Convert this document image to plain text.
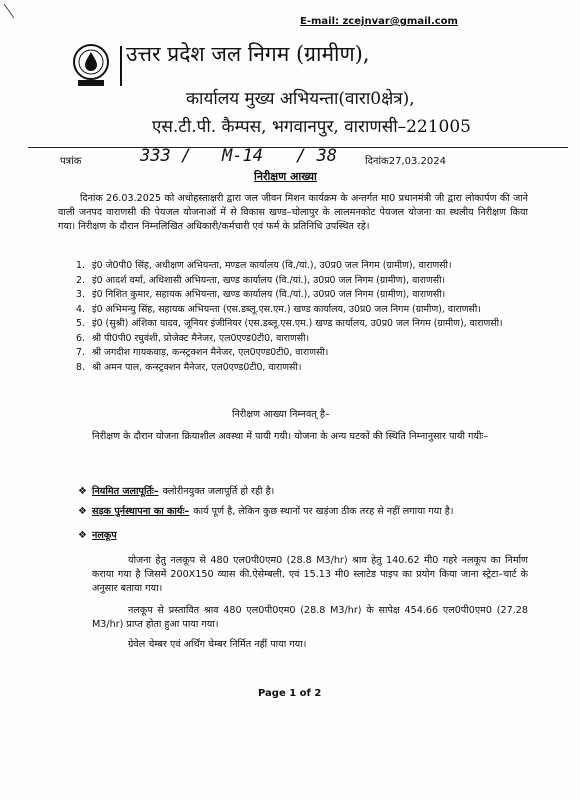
E-mail: zcejnvar@gmail.com
उत्तर प्रदेश जल निगम (ग्रामीण),
कार्यालय मुख्य अभियन्ता(वारा0क्षेत्र),
एस.टी.पी. कैम्पस, भगवानपुर, वाराणसी–221005
पत्रांक	333 / M-14 / 38	दिनांक27,03.2024
निरीक्षण आख्या
दिनांक 26.03.2025 को अधोहस्ताक्षरी द्वारा जल जीवन मिशन कार्यक्रम के अन्तर्गत मा0 प्रधानमंत्री जी द्वारा लोकार्पण की जाने वाली जनपद वाराणसी की पेयजल योजनाओं में से विकास खण्ड–चोलापुर के लालमनकोट पेयजल योजना का स्थलीय निरीक्षण किया गया। निरीक्षण के दौरान निम्नलिखित अधिकारी/कर्मचारी एवं फर्म के प्रतिनिधि उपस्थित रहे।
1. इं0 जे0पी0 सिंह, अधीक्षण अभियन्ता, मण्डल कार्यालय (वि./यां.), उ0प्र0 जल निगम (ग्रामीण), वाराणसी।
2. इं0 आदर्श वर्मा, अधिशासी अभियन्ता, खण्ड कार्यालय (वि./यां.), उ0प्र0 जल निगम (ग्रामीण), वाराणसी।
3. इं0 निशित कुमार, सहायक अभियन्ता, खण्ड कार्यालय (वि./यां.), उ0प्र0 जल निगम (ग्रामीण), वाराणसी।
4. इं0 अभिमन्यु सिंह, सहायक अभियन्ता (एस.डब्लू.एस.एम.) खण्ड कार्यालय, उ0प्र0 जल निगम (ग्रामीण), वाराणसी।
5. इं0 (सुश्री) अंशिका यादव, जूनियर इंजीनियर (एस.डब्लू.एस.एम.) खण्ड कार्यालय, उ0प्र0 जल निगम (ग्रामीण), वाराणसी।
6. श्री पी0पी0 रघुवंशी, प्रोजेक्ट मैनेजर, एल0एण्ड0टी0, वाराणसी।
7. श्री जगदीश गायकवाड़, कन्स्ट्रक्शन मैनेजर, एल0एण्ड0टी0, वाराणसी।
8. श्री अमन पाल, कन्स्ट्रक्शन मैनेजर, एल0एण्ड0टी0, वाराणसी।
निरीक्षण आख्या निम्नवत् है–
निरीक्षण के दौरान योजना क्रियाशील अवस्था में पायी गयी। योजना के अन्य घटकों की स्थिति निम्नानुसार पायी गयीः–
❖ नियमित जलापूर्तिः– क्लोरीनयुक्त जलापूर्ति हो रही है।
❖ सड़क पुर्नस्थापना का कार्यः– कार्य पूर्ण है, लेकिन कुछ स्थानों पर खड़ंजा ठीक तरह से नहीं लगाया गया है।
❖ नलकूप
योजना हेतु नलकूप से 480 एल0पी0एम0 (28.8 M3/hr) श्राव हेतु 140.62 मी0 गहरे नलकूप का निर्माण कराया गया है जिसमें 200X150 व्यास की.ऐसेम्बली, एवं 15.13 मी0 स्लाटेड पाइप का प्रयोग किया जाना स्ट्रेटा–चार्ट के अनुसार बताया गया।
नलकूप से प्रस्तावित श्राव 480 एल0पी0एम0 (28.8 M3/hr) के सापेक्ष 454.66 एल0पी0एम0 (27.28 M3/hr) प्राप्त होता हुआ पाया गया।
ग्रेवेल चेम्बर एवं अर्थिंग चेम्बर निर्मित नहीं पाया गया।
Page 1 of 2
